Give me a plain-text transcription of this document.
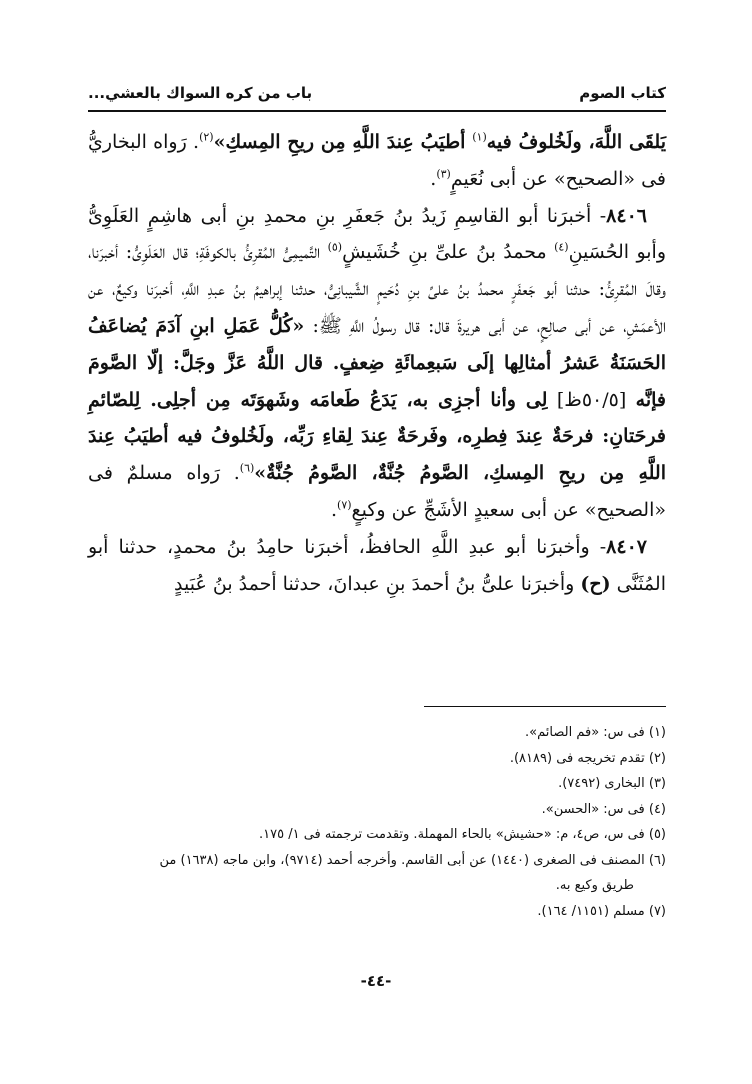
كتاب الصوم
باب من كره السواك بالعشي...

يَلقَى اللَّهَ، ولَخُلوفُ فيه$^{(١)}$ أطيَبُ عِندَ اللَّهِ مِن ريحِ المِسكِ»$^{(٢)}$. رَواه البخاريُّ فى «الصحيح» عن أبى نُعَيمٍ$^{(٣)}$.

 ٨٤٠٦- أخبرَنا أبو القاسِمِ زَيدُ بنُ جَعفَرِ بنِ محمدِ بنِ أبى هاشِمٍ العَلَوِىُّ وأبو الحُسَينِ$^{(٤)}$ محمدُ بنُ علىِّ بنِ خُشَيشٍ$^{(٥)}$ التَّميمِىُّ المُقرِئُ بالكوفَةِ؛ قال العَلَوِىُّ: أخبرَنا، وقالَ المُقرِئُ: حدثنا أبو جَعفَرٍ محمدُ بنُ علىِّ بنِ دُحَيمٍ الشَّيبانِىُّ، حدثنا إبراهيمُ بنُ عبدِ اللَّهِ، أخبرَنا وكيعٌ، عن الأعمَشِ، عن أبى صالِحٍ، عن أبى هريرةَ قال: قال رسولُ اللَّهِ ﷺ: «كُلُّ عَمَلِ ابنِ آدَمَ يُضاعَفُ الحَسَنَةُ عَشرُ أمثالِها إلَى سَبعِمائَةِ ضِعفٍ. قال اللَّهُ عَزَّ وجَلَّ: إلّا الصَّومَ فإنَّه [٥٠/٥ظ] لِى وأنا أجزِى به، يَدَعُ طَعامَه وشَهوَتَه مِن أجلِى. لِلصّائمِ فرحَتانِ: فرحَةٌ عِندَ فِطرِه، وفَرحَةٌ عِندَ لِقاءِ رَبِّه، ولَخُلوفُ فيه أطيَبُ عِندَ اللَّهِ مِن ريحِ المِسكِ، الصَّومُ جُنَّةٌ، الصَّومُ جُنَّةٌ»$^{(٦)}$. رَواه مسلمٌ فى «الصحيح» عن أبى سعيدٍ الأشَجِّ عن وكيعٍ$^{(٧)}$.

 ٨٤٠٧- وأخبرَنا أبو عبدِ اللَّهِ الحافظُ، أخبرَنا حامِدُ بنُ محمدٍ، حدثنا أبو المُثَنَّى (ح) وأخبرَنا علىُّ بنُ أحمدَ بنِ عبدانَ، حدثنا أحمدُ بنُ عُبَيدٍ

(١) فى س: «فم الصائم».
(٢) تقدم تخريجه فى (٨١٨٩).
(٣) البخارى (٧٤٩٢).
(٤) فى س: «الحسن».
(٥) فى س، ص٤، م: «حشيش» بالحاء المهملة. وتقدمت ترجمته فى ١/ ١٧٥.
(٦) المصنف فى الصغرى (١٤٤٠) عن أبى القاسم. وأخرجه أحمد (٩٧١٤)، وابن ماجه (١٦٣٨) من
طريق وكيع به.
(٧) مسلم (١١٥١/ ١٦٤).
-٤٤-
